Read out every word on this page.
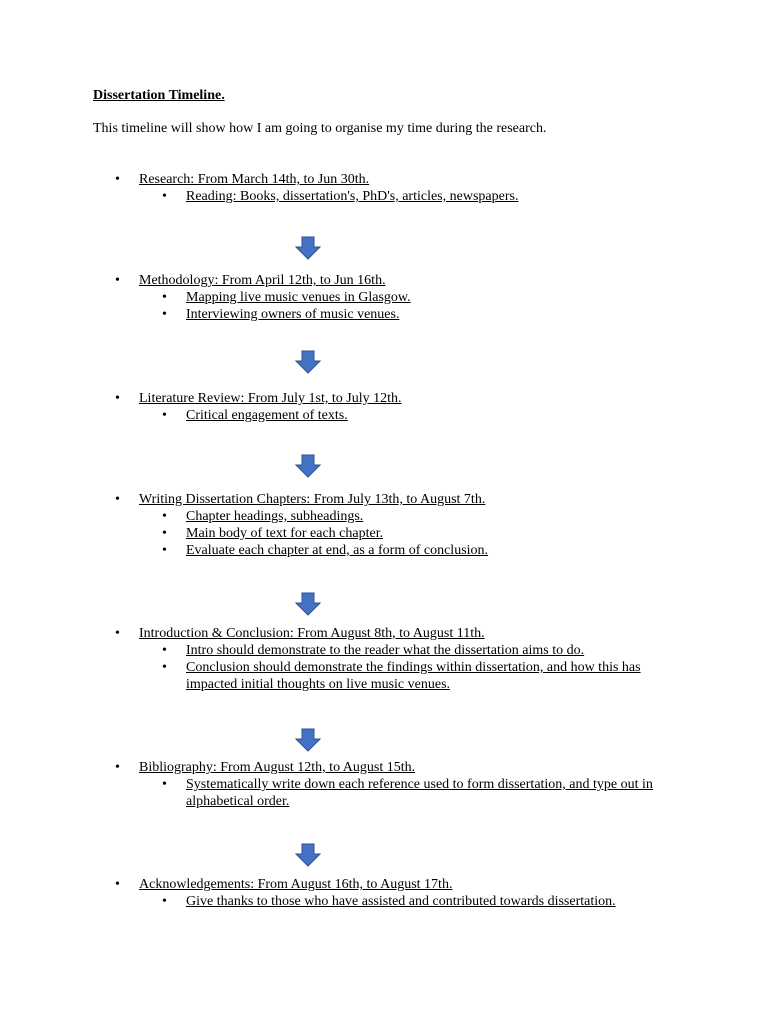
Dissertation Timeline.
This timeline will show how I am going to organise my time during the research.
• Research: From March 14th, to Jun 30th.
• Reading: Books, dissertation's, PhD's, articles, newspapers.
• Methodology: From April 12th, to Jun 16th.
• Mapping live music venues in Glasgow.
• Interviewing owners of music venues.
• Literature Review: From July 1st, to July 12th.
• Critical engagement of texts.
• Writing Dissertation Chapters: From July 13th, to August 7th.
• Chapter headings, subheadings.
• Main body of text for each chapter.
• Evaluate each chapter at end, as a form of conclusion.
• Introduction & Conclusion: From August 8th, to August 11th.
• Intro should demonstrate to the reader what the dissertation aims to do.
• Conclusion should demonstrate the findings within dissertation, and how this has impacted initial thoughts on live music venues.
• Bibliography: From August 12th, to August 15th.
• Systematically write down each reference used to form dissertation, and type out in alphabetical order.
• Acknowledgements: From August 16th, to August 17th.
• Give thanks to those who have assisted and contributed towards dissertation.
